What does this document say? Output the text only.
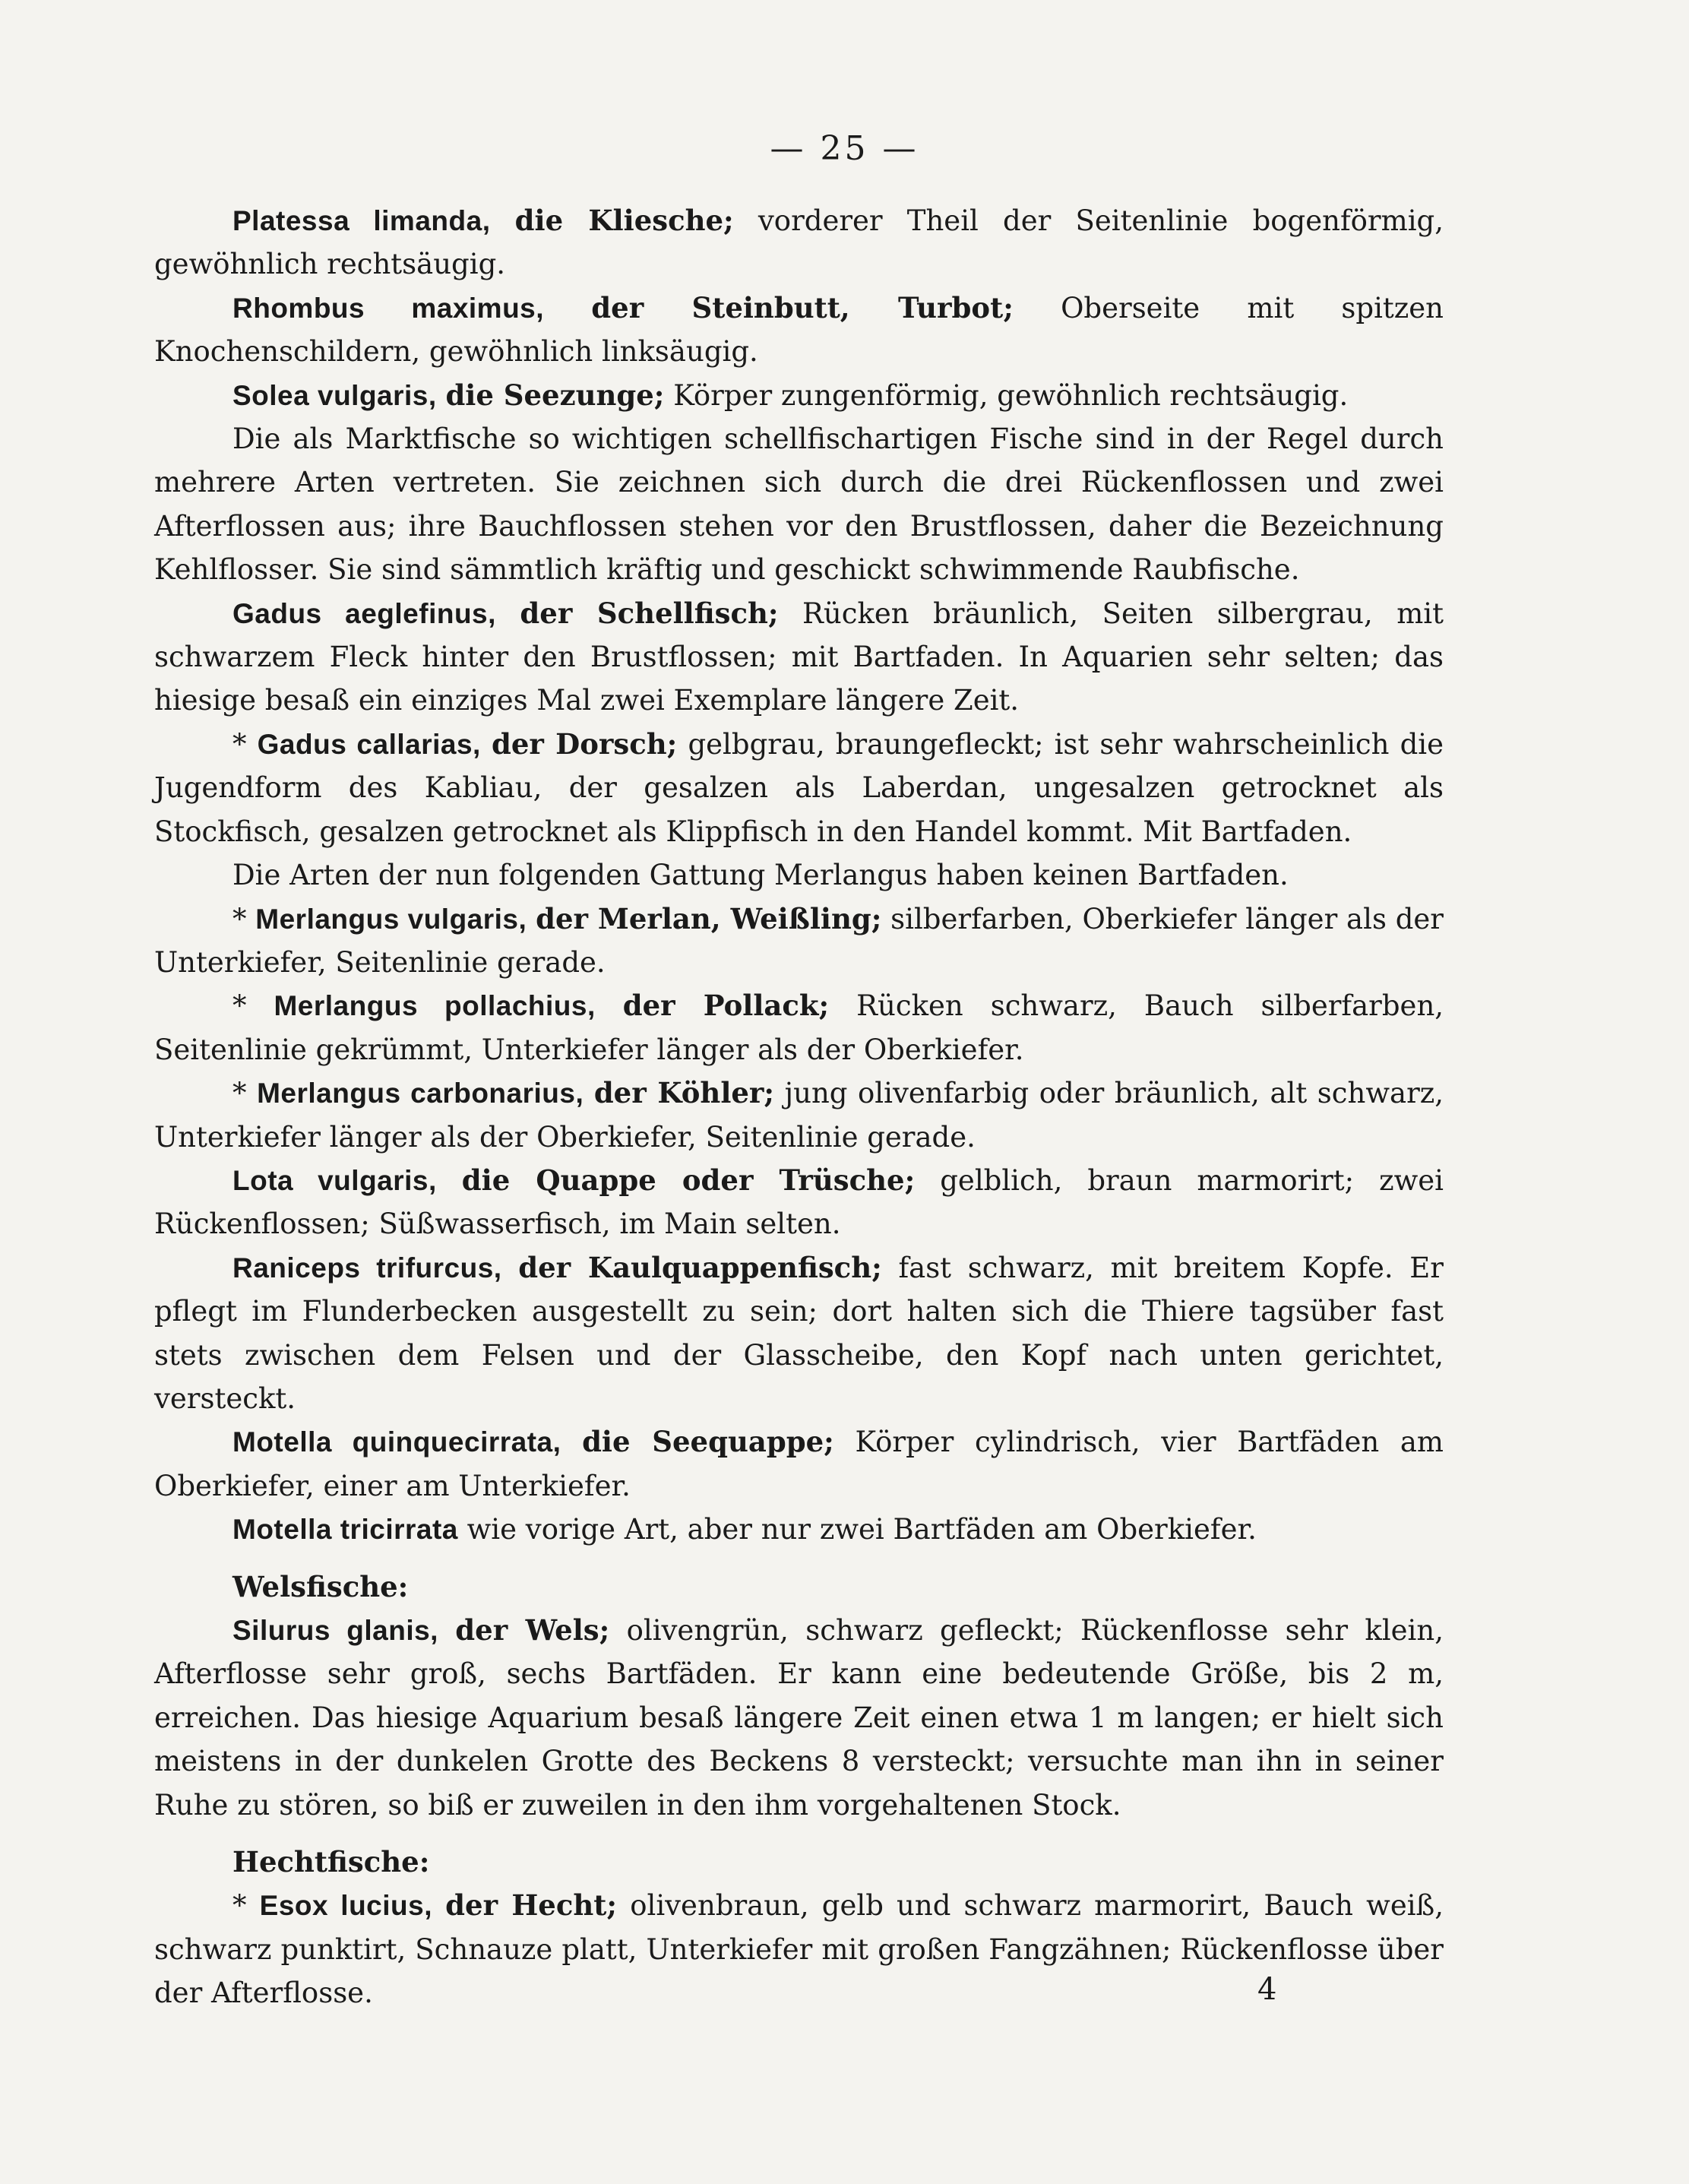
— 25 —

Platessa limanda, die Kliesche; vorderer Theil der Seitenlinie bogenförmig, gewöhnlich rechtsäugig.

Rhombus maximus, der Steinbutt, Turbot; Oberseite mit spitzen Knochenschildern, gewöhnlich linksäugig.

Solea vulgaris, die Seezunge; Körper zungenförmig, gewöhnlich rechtsäugig.

Die als Marktfische so wichtigen schellfischartigen Fische sind in der Regel durch mehrere Arten vertreten. Sie zeichnen sich durch die drei Rückenflossen und zwei Afterflossen aus; ihre Bauchflossen stehen vor den Brustflossen, daher die Bezeichnung Kehlflosser. Sie sind sämmtlich kräftig und geschickt schwimmende Raubfische.

Gadus aeglefinus, der Schellfisch; Rücken bräunlich, Seiten silbergrau, mit schwarzem Fleck hinter den Brustflossen; mit Bartfaden. In Aquarien sehr selten; das hiesige besaß ein einziges Mal zwei Exemplare längere Zeit.

* Gadus callarias, der Dorsch; gelbgrau, braungefleckt; ist sehr wahrscheinlich die Jugendform des Kabliau, der gesalzen als Laberdan, ungesalzen getrocknet als Stockfisch, gesalzen getrocknet als Klippfisch in den Handel kommt. Mit Bartfaden.

Die Arten der nun folgenden Gattung Merlangus haben keinen Bartfaden.

* Merlangus vulgaris, der Merlan, Weißling; silberfarben, Oberkiefer länger als der Unterkiefer, Seitenlinie gerade.

* Merlangus pollachius, der Pollack; Rücken schwarz, Bauch silberfarben, Seitenlinie gekrümmt, Unterkiefer länger als der Oberkiefer.

* Merlangus carbonarius, der Köhler; jung olivenfarbig oder bräunlich, alt schwarz, Unterkiefer länger als der Oberkiefer, Seitenlinie gerade.

Lota vulgaris, die Quappe oder Trüsche; gelblich, braun marmorirt; zwei Rückenflossen; Süßwasserfisch, im Main selten.

Raniceps trifurcus, der Kaulquappenfisch; fast schwarz, mit breitem Kopfe. Er pflegt im Flunderbecken ausgestellt zu sein; dort halten sich die Thiere tagsüber fast stets zwischen dem Felsen und der Glasscheibe, den Kopf nach unten gerichtet, versteckt.

Motella quinquecirrata, die Seequappe; Körper cylindrisch, vier Bartfäden am Oberkiefer, einer am Unterkiefer.

Motella tricirrata wie vorige Art, aber nur zwei Bartfäden am Oberkiefer.

Welsfische:

Silurus glanis, der Wels; olivengrün, schwarz gefleckt; Rückenflosse sehr klein, Afterflosse sehr groß, sechs Bartfäden. Er kann eine bedeutende Größe, bis 2 m, erreichen. Das hiesige Aquarium besaß längere Zeit einen etwa 1 m langen; er hielt sich meistens in der dunkelen Grotte des Beckens 8 versteckt; versuchte man ihn in seiner Ruhe zu stören, so biß er zuweilen in den ihm vorgehaltenen Stock.

Hechtfische:

* Esox lucius, der Hecht; olivenbraun, gelb und schwarz marmorirt, Bauch weiß, schwarz punktirt, Schnauze platt, Unterkiefer mit großen Fangzähnen; Rückenflosse über der Afterflosse.	4
